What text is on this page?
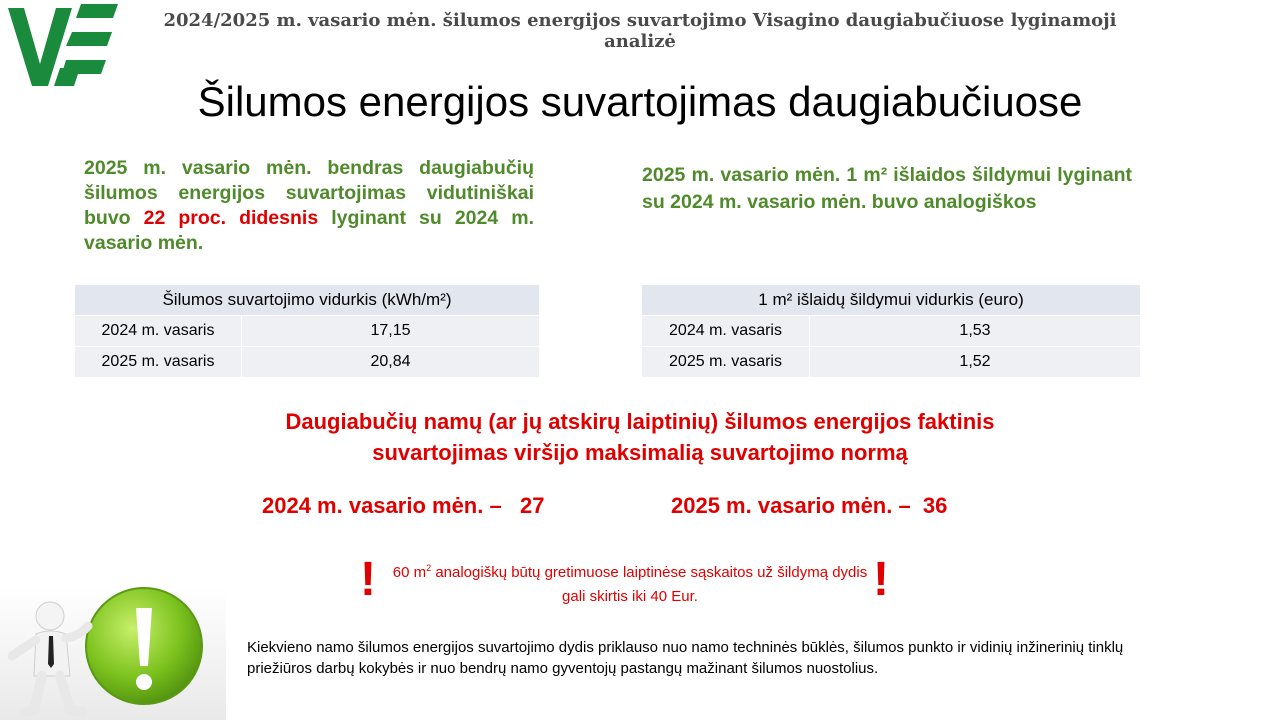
2024/2025 m. vasario mėn. šilumos energijos suvartojimo Visagino daugiabučiuose lyginamoji analizė
Šilumos energijos suvartojimas daugiabučiuose
2025 m. vasario mėn. bendras daugiabučių šilumos energijos suvartojimas vidutiniškai buvo 22 proc. didesnis lyginant su 2024 m. vasario mėn.
2025 m. vasario mėn. 1 m² išlaidos šildymui lyginant su 2024 m. vasario mėn. buvo analogiškos
Šilumos suvartojimo vidurkis (kWh/m²)	
2024 m. vasaris	17,15
2025 m. vasaris	20,84
1 m² išlaidų šildymui vidurkis (euro)	
2024 m. vasaris	1,53
2025 m. vasaris	1,52
Daugiabučių namų (ar jų atskirų laiptinių) šilumos energijos faktinis
suvartojimas viršijo maksimalią suvartojimo normą
2024 m. vasario mėn. –   27	2025 m. vasario mėn. –  36
!	!
60 $m^2$ analogiškų būtų gretimuose laiptinėse sąskaitos už šildymą dydis gali skirtis iki 40 Eur.
Kiekvieno namo šilumos energijos suvartojimo dydis priklauso nuo namo techninės būklės, šilumos punkto ir vidinių inžinerinių tinklų priežiūros darbų kokybės ir nuo bendrų namo gyventojų pastangų mažinant šilumos nuostolius.
